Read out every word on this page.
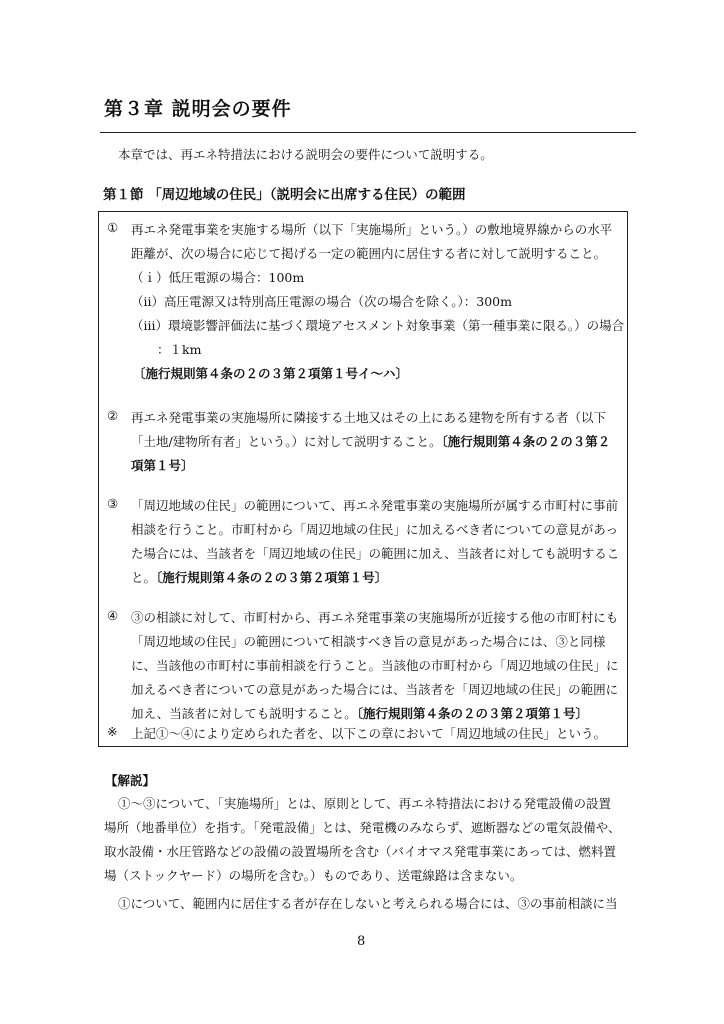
第３章 説明会の要件

本章では、再エネ特措法における説明会の要件について説明する。

第１節 「周辺地域の住民」（説明会に出席する住民）の範囲
① 再エネ発電事業を実施する場所（以下「実施場所」という。）の敷地境界線からの水平

距離が、次の場合に応じて掲げる一定の範囲内に居住する者に対して説明すること。

（ｉ）低圧電源の場合：100m

（ⅱ）高圧電源又は特別高圧電源の場合（次の場合を除く。）：300m

（ⅲ）環境影響評価法に基づく環境アセスメント対象事業（第一種事業に限る。）の場合

：１km

〔施行規則第４条の２の３第２項第１号イ〜ハ〕

② 再エネ発電事業の実施場所に隣接する土地又はその上にある建物を所有する者（以下

「土地/建物所有者」という。）に対して説明すること。〔施行規則第４条の２の３第２

項第１号〕

③ 「周辺地域の住民」の範囲について、再エネ発電事業の実施場所が属する市町村に事前

相談を行うこと。市町村から「周辺地域の住民」に加えるべき者についての意見があっ

た場合には、当該者を「周辺地域の住民」の範囲に加え、当該者に対しても説明するこ

と。〔施行規則第４条の２の３第２項第１号〕

④ ③の相談に対して、市町村から、再エネ発電事業の実施場所が近接する他の市町村にも

「周辺地域の住民」の範囲について相談すべき旨の意見があった場合には、③と同様

に、当該他の市町村に事前相談を行うこと。当該他の市町村から「周辺地域の住民」に

加えるべき者についての意見があった場合には、当該者を「周辺地域の住民」の範囲に

加え、当該者に対しても説明すること。〔施行規則第４条の２の３第２項第１号〕

※ 上記①〜④により定められた者を、以下この章において「周辺地域の住民」という。

【解説】

①〜③について、「実施場所」とは、原則として、再エネ特措法における発電設備の設置

場所（地番単位）を指す。「発電設備」とは、発電機のみならず、遮断器などの電気設備や、

取水設備・水圧管路などの設備の設置場所を含む（バイオマス発電事業にあっては、燃料置

場（ストックヤード）の場所を含む。）ものであり、送電線路は含まない。

①について、範囲内に居住する者が存在しないと考えられる場合には、③の事前相談に当

8
